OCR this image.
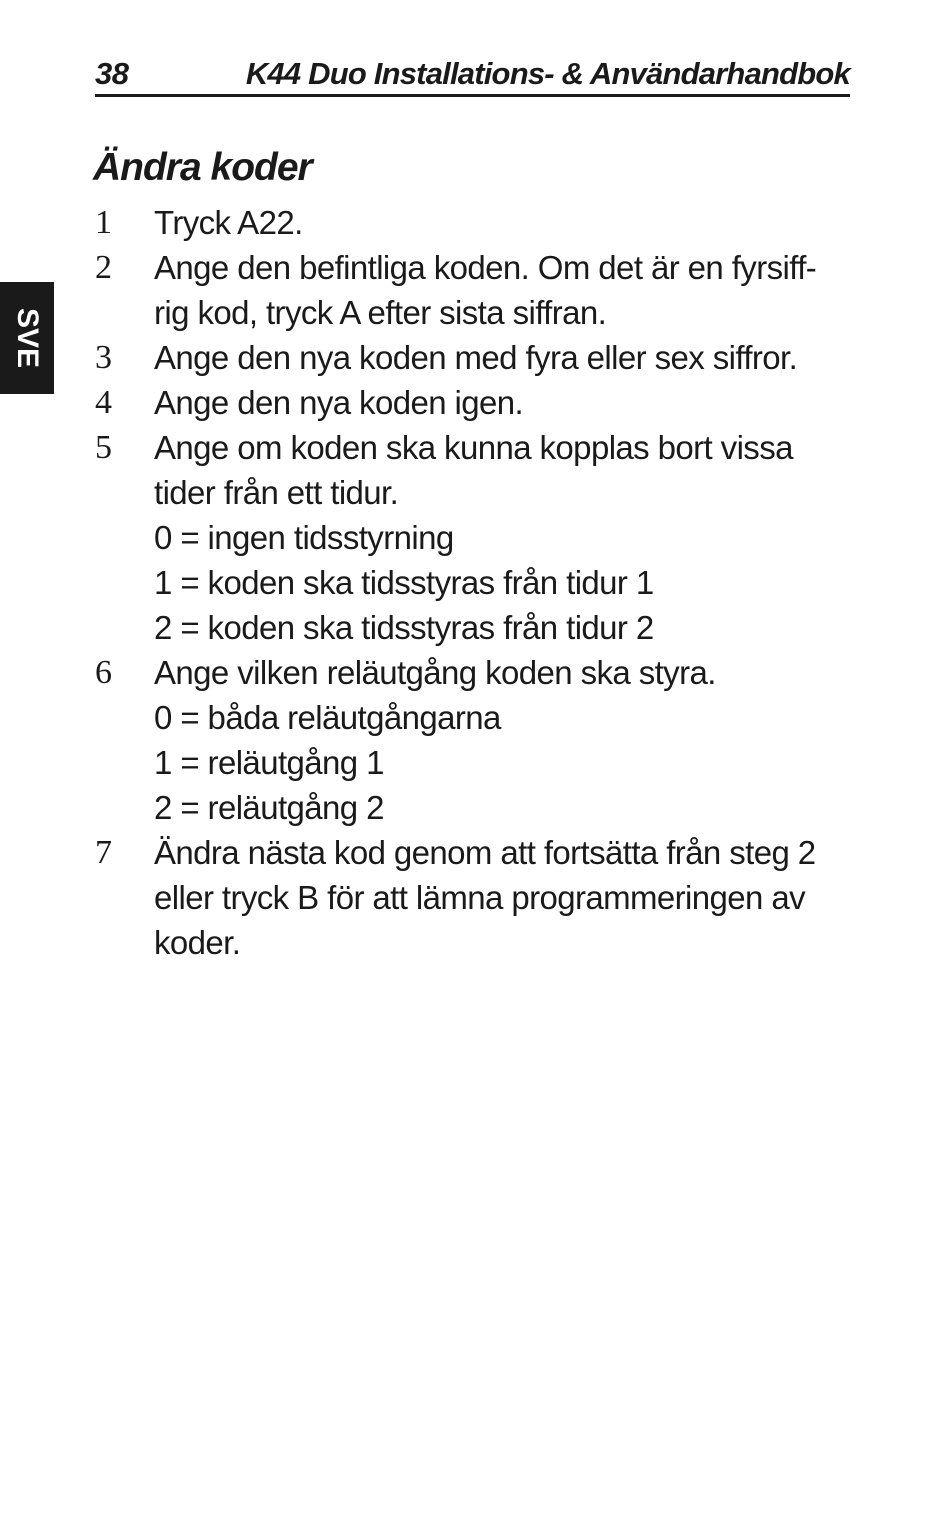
38	K44 Duo Installations- & Användarhandbok
SVE
Ändra koder
1	Tryck A22.
2	Ange den befintliga koden. Om det är en fyrsiff-
rig kod, tryck A efter sista siffran.
3	Ange den nya koden med fyra eller sex siffror.
4	Ange den nya koden igen.
5	Ange om koden ska kunna kopplas bort vissa
tider från ett tidur.
0 = ingen tidsstyrning
1 = koden ska tidsstyras från tidur 1
2 = koden ska tidsstyras från tidur 2
6	Ange vilken reläutgång koden ska styra.
0 = båda reläutgångarna
1 = reläutgång 1
2 = reläutgång 2
7	Ändra nästa kod genom att fortsätta från steg 2
eller tryck B för att lämna programmeringen av
koder.
